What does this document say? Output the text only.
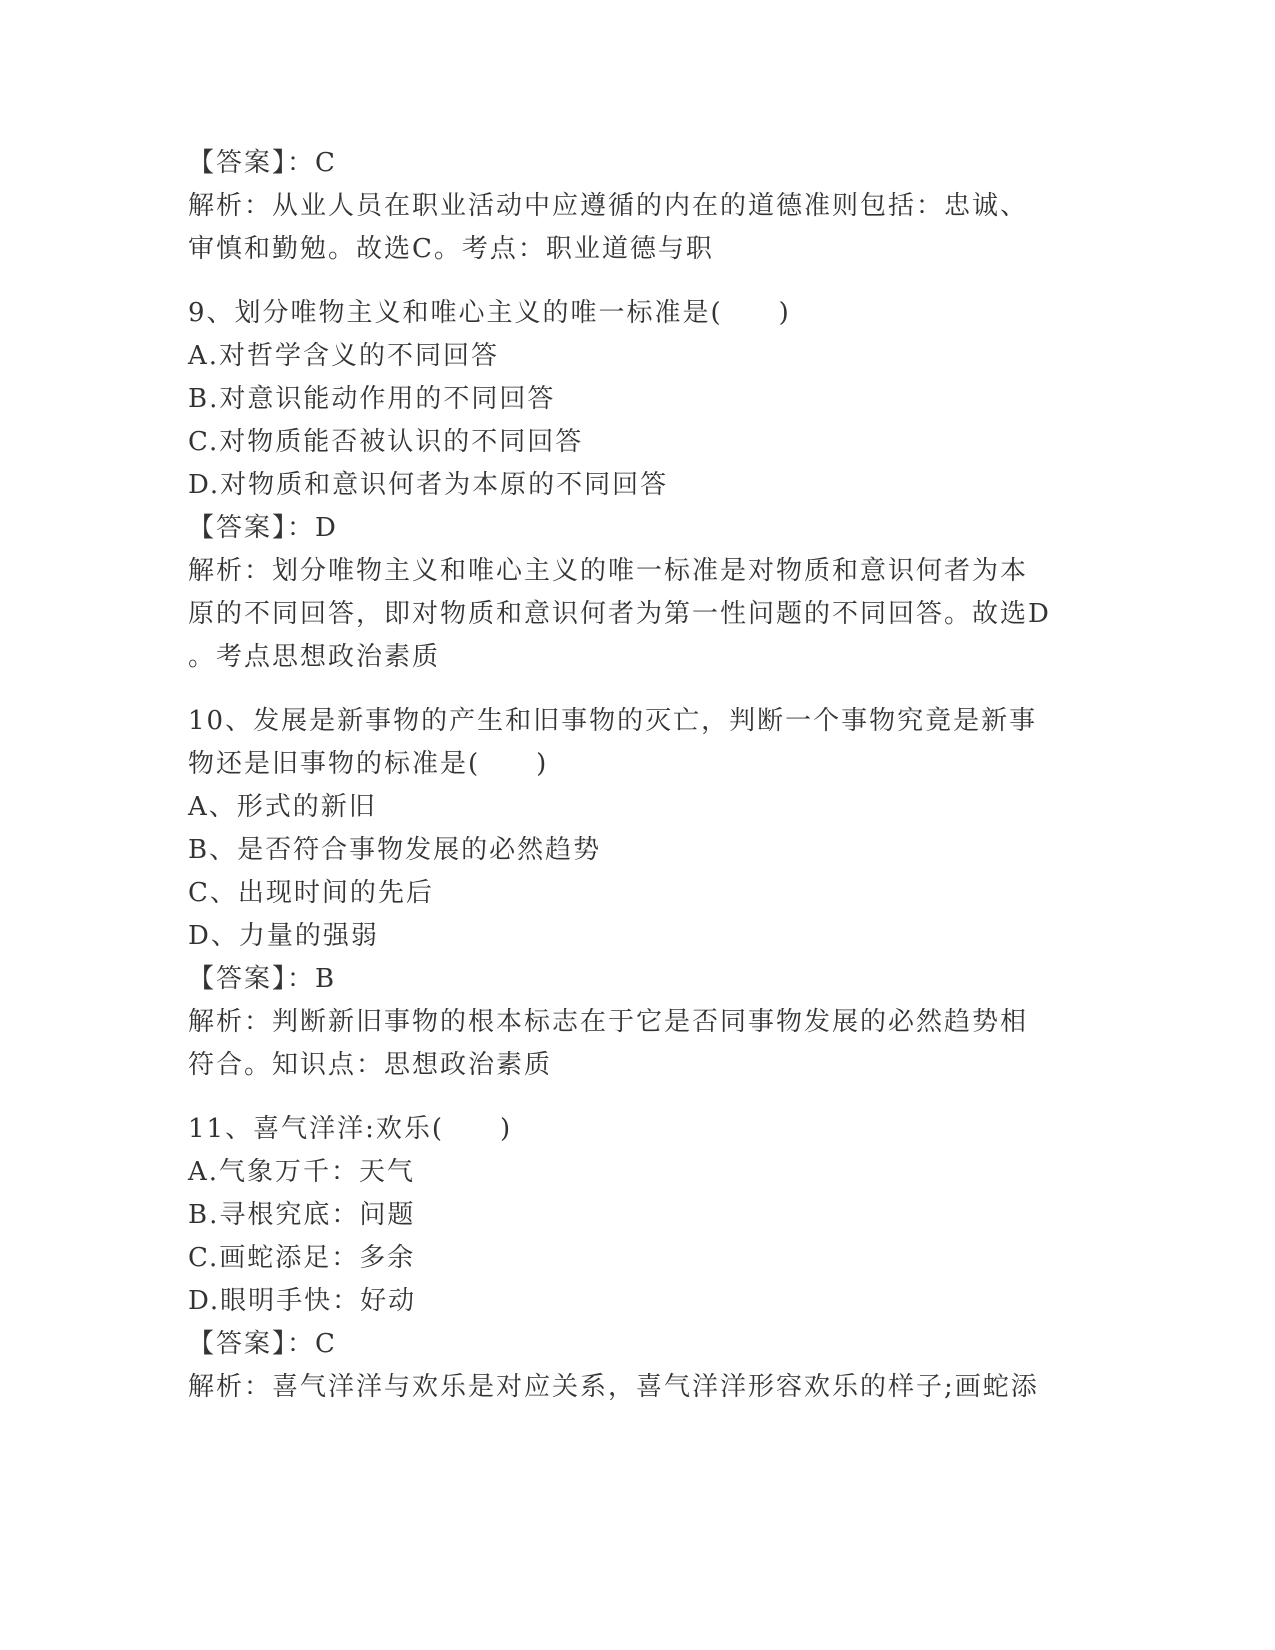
【答案】：C
解析：从业人员在职业活动中应遵循的内在的道德准则包括：忠诚、
审慎和勤勉。故选C。考点：职业道德与职
9、划分唯物主义和唯心主义的唯一标准是(　　)
A.对哲学含义的不同回答
B.对意识能动作用的不同回答
C.对物质能否被认识的不同回答
D.对物质和意识何者为本原的不同回答
【答案】：D
解析：划分唯物主义和唯心主义的唯一标准是对物质和意识何者为本
原的不同回答，即对物质和意识何者为第一性问题的不同回答。故选D
。考点思想政治素质
10、发展是新事物的产生和旧事物的灭亡，判断一个事物究竟是新事
物还是旧事物的标准是(　　)
A、形式的新旧
B、是否符合事物发展的必然趋势
C、出现时间的先后
D、力量的强弱
【答案】：B
解析：判断新旧事物的根本标志在于它是否同事物发展的必然趋势相
符合。知识点：思想政治素质
11、喜气洋洋:欢乐(　　)
A.气象万千：天气
B.寻根究底：问题
C.画蛇添足：多余
D.眼明手快：好动
【答案】：C
解析：喜气洋洋与欢乐是对应关系，喜气洋洋形容欢乐的样子;画蛇添
